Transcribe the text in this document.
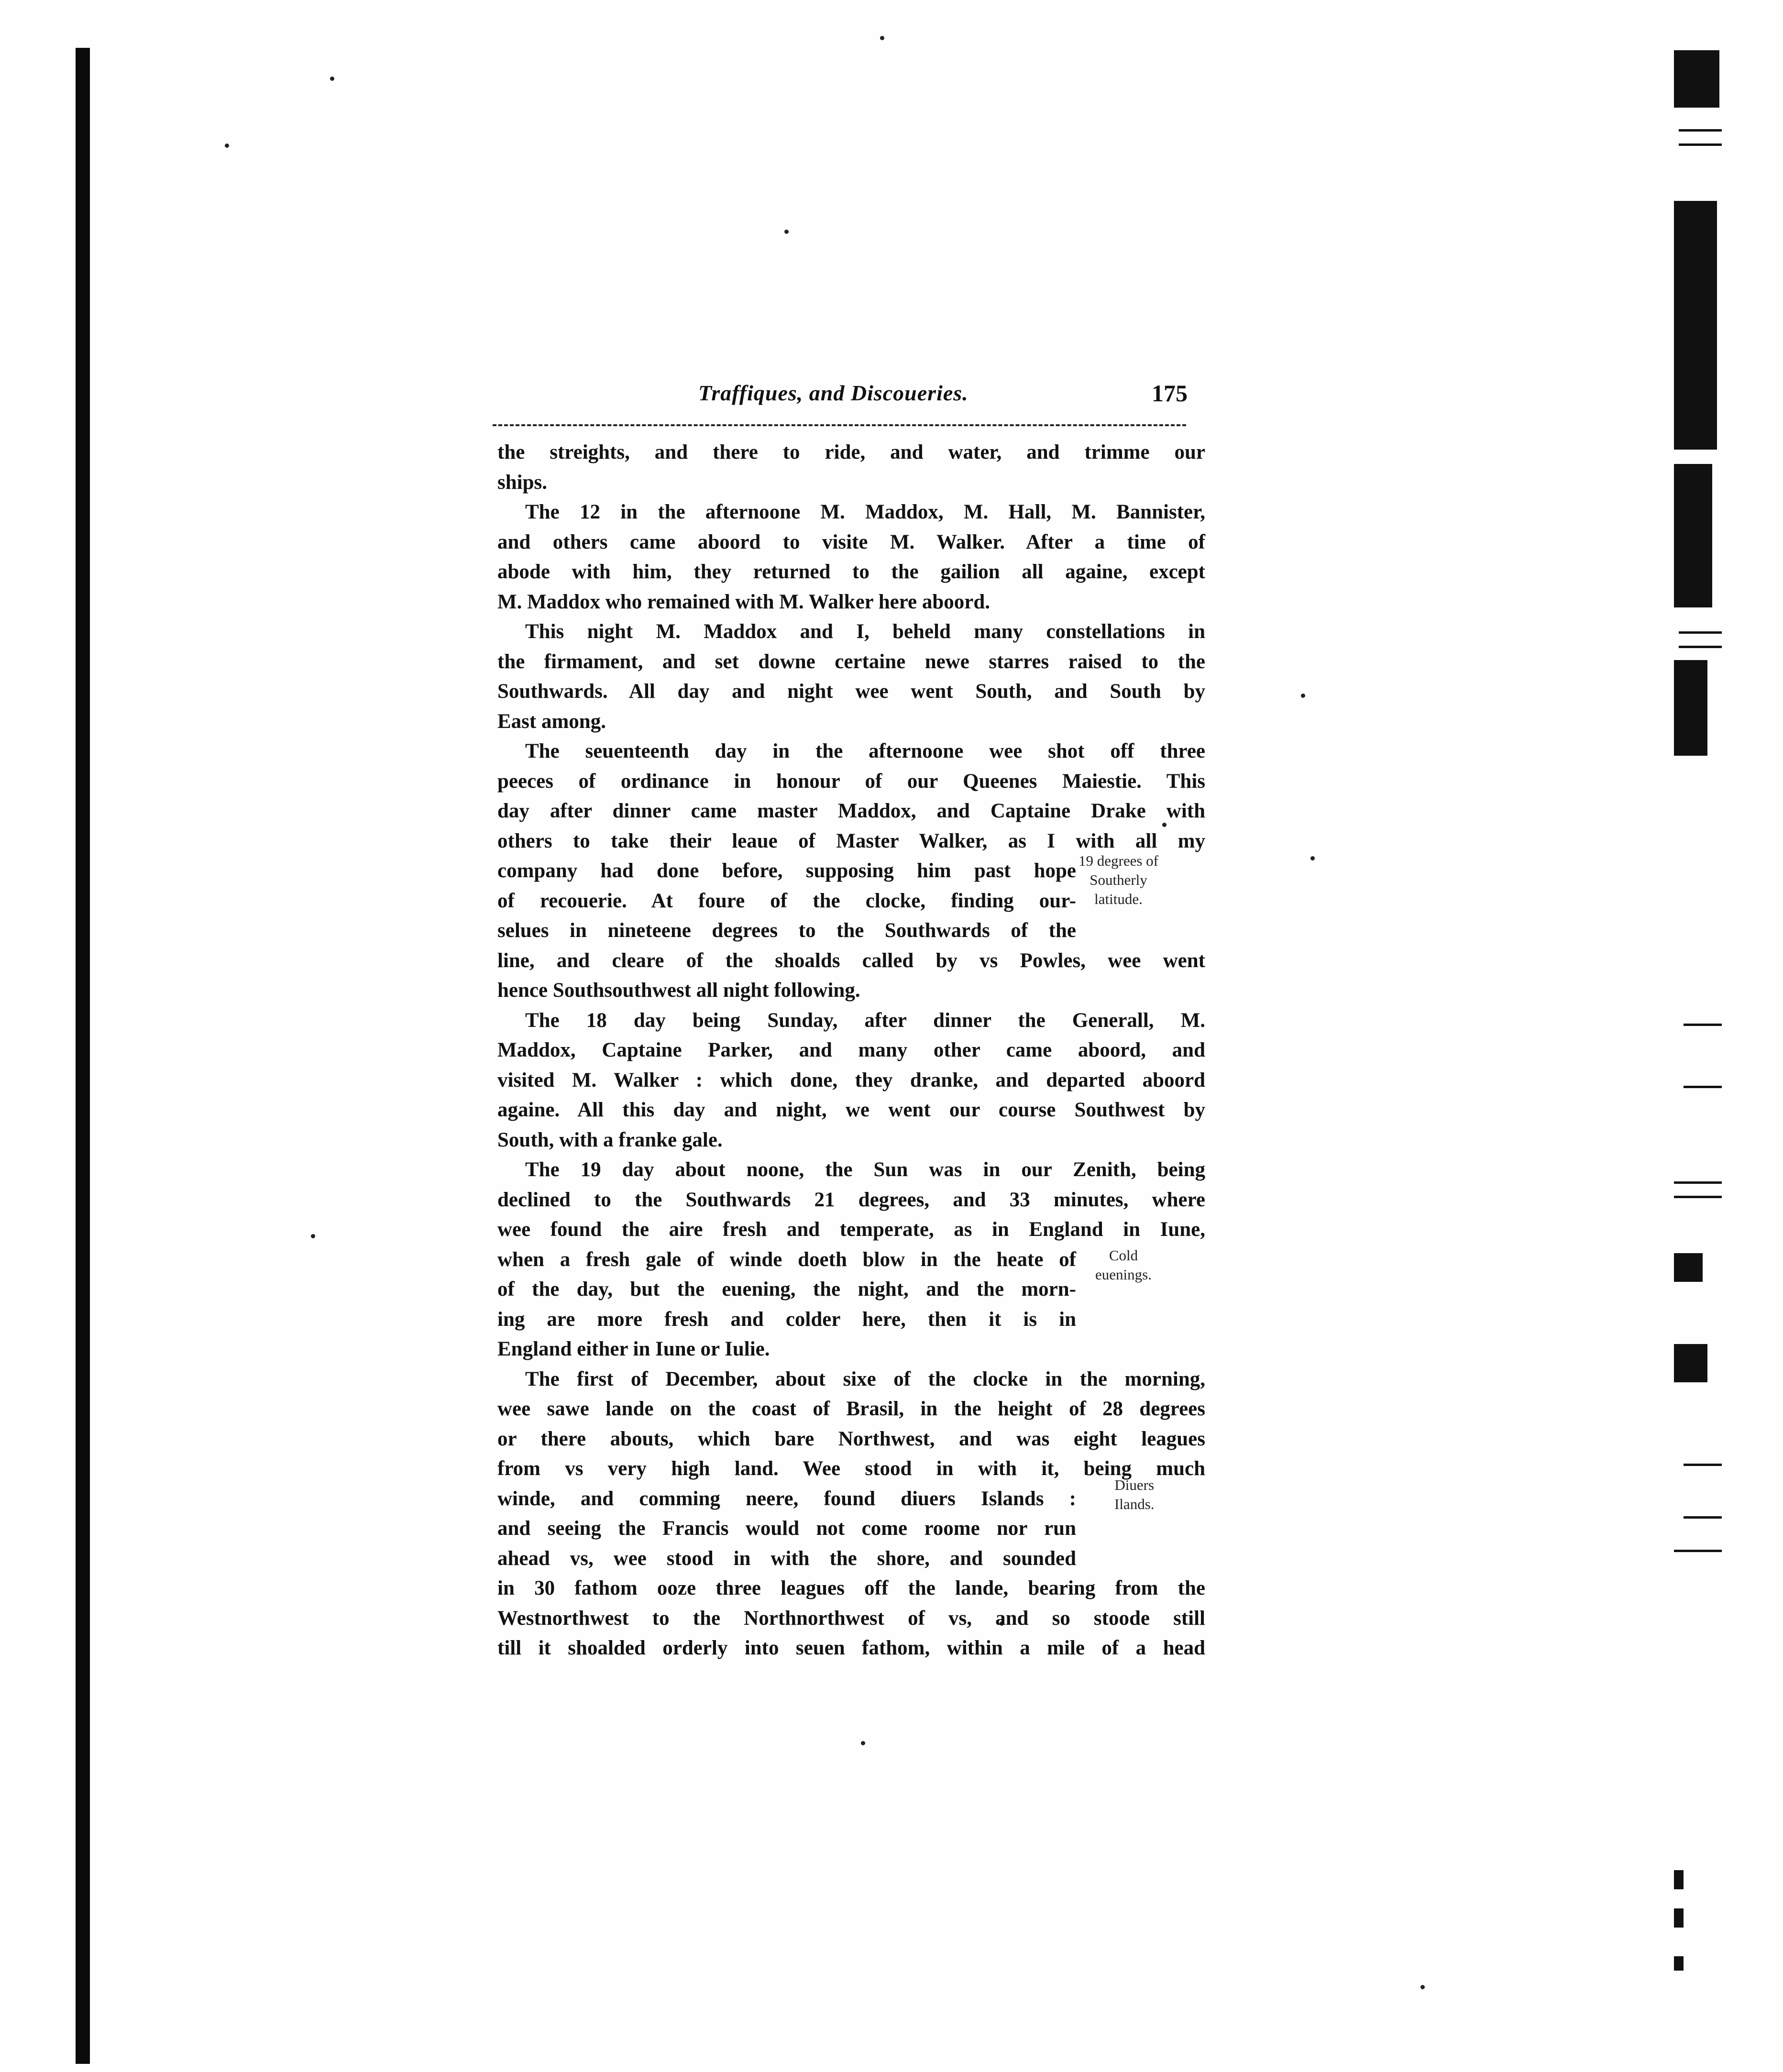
Traffiques, and Discoueries.	175
the streights, and there to ride, and water, and trimme our
ships.
The 12 in the afternoone M. Maddox, M. Hall, M. Bannister,
and others came aboord to visite M. Walker. After a time of
abode with him, they returned to the gailion all againe, except
M. Maddox who remained with M. Walker here aboord.
This night M. Maddox and I, beheld many constellations in
the firmament, and set downe certaine newe starres raised to the
Southwards. All day and night wee went South, and South by
East among.
The seuenteenth day in the afternoone wee shot off three
peeces of ordinance in honour of our Queenes Maiestie. This
day after dinner came master Maddox, and Captaine Drake with
others to take their leaue of Master Walker, as I with all my
company had done before, supposing him past hope
of recouerie. At foure of the clocke, finding our-
selues in nineteene degrees to the Southwards of the
line, and cleare of the shoalds called by vs Powles, wee went
hence Southsouthwest all night following.
The 18 day being Sunday, after dinner the Generall, M.
Maddox, Captaine Parker, and many other came aboord, and
visited M. Walker : which done, they dranke, and departed aboord
againe. All this day and night, we went our course Southwest by
South, with a franke gale.
The 19 day about noone, the Sun was in our Zenith, being
declined to the Southwards 21 degrees, and 33 minutes, where
wee found the aire fresh and temperate, as in England in Iune,
when a fresh gale of winde doeth blow in the heate of
of the day, but the euening, the night, and the morn-
ing are more fresh and colder here, then it is in
England either in Iune or Iulie.
The first of December, about sixe of the clocke in the morning,
wee sawe lande on the coast of Brasil, in the height of 28 degrees
or there abouts, which bare Northwest, and was eight leagues
from vs very high land. Wee stood in with it, being much
winde, and comming neere, found diuers Islands :
and seeing the Francis would not come roome nor run
ahead vs, wee stood in with the shore, and sounded
in 30 fathom ooze three leagues off the lande, bearing from the
Westnorthwest to the Northnorthwest of vs, and so stoode still
till it shoalded orderly into seuen fathom, within a mile of a head
19 degrees of
Southerly
latitude.
Cold
euenings.
Diuers
Ilands.
